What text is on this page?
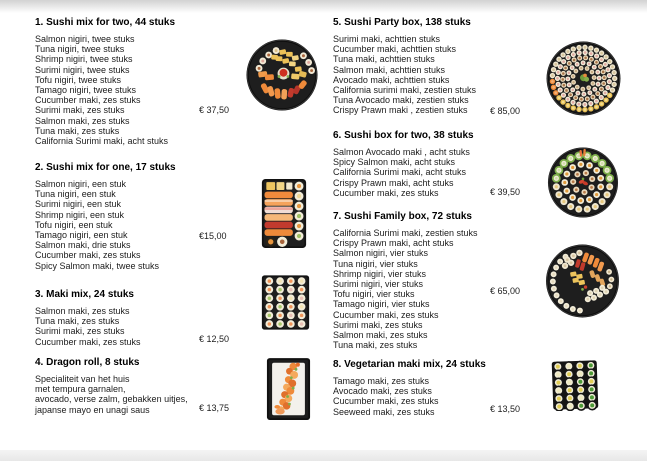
1. Sushi mix for two, 44 stuks
Salmon nigiri, twee stuks
Tuna nigiri, twee stuks
Shrimp nigiri, twee stuks
Surimi nigiri, twee stuks
Tofu nigiri, twee stuks
Tamago nigiri, twee stuks
Cucumber maki, zes stuks
Surimi maki, zes stuks
Salmon maki, zes stuks
Tuna maki, zes stuks
California Surimi maki, acht stuks
€ 37,50
2. Sushi mix for one, 17 stuks
Salmon nigiri, een stuk
Tuna nigiri, een stuk
Surimi nigiri, een stuk
Shrimp nigiri, een stuk
Tofu nigiri, een stuk
Tamago nigiri, een stuk
Salmon maki, drie stuks
Cucumber maki, zes stuks
Spicy Salmon maki, twee stuks
€15,00
3. Maki mix, 24 stuks
Salmon maki, zes stuks
Tuna maki, zes stuks
Surimi maki, zes stuks
Cucumber maki, zes stuks	€ 12,50
4. Dragon roll, 8 stuks
Specialiteit van het huis
met tempura garnalen,
avocado, verse zalm, gebakken uitjes,
japanse mayo en unagi saus	€ 13,75
5. Sushi Party box, 138 stuks
Surimi maki, achttien stuks
Cucumber maki, achttien stuks
Tuna maki, achttien stuks
Salmon maki, achttien stuks
Avocado maki, achttien stuks
California surimi maki, zestien stuks
Tuna Avocado maki, zestien stuks
Crispy Prawn maki , zestien stuks	€ 85,00
6. Sushi box for two, 38 stuks
Salmon Avocado maki , acht stuks
Spicy Salmon maki, acht stuks
California Surimi maki, acht stuks
Crispy Prawn maki, acht stuks
Cucumber maki, zes stuks	€ 39,50
7. Sushi Family box, 72 stuks
California Surimi maki, zestien stuks
Crispy Prawn maki, acht stuks
Salmon nigiri, vier stuks
Tuna nigiri, vier stuks
Shrimp nigiri, vier stuks
Surimi nigiri, vier stuks
Tofu nigiri, vier stuks
Tamago nigiri, vier stuks
Cucumber maki, zes stuks
Surimi maki, zes stuks
Salmon maki, zes stuks
Tuna maki, zes stuks
€ 65,00
8. Vegetarian maki mix, 24 stuks
Tamago maki, zes stuks
Avocado maki, zes stuks
Cucumber maki, zes stuks
Seeweed maki, zes stuks	€ 13,50
